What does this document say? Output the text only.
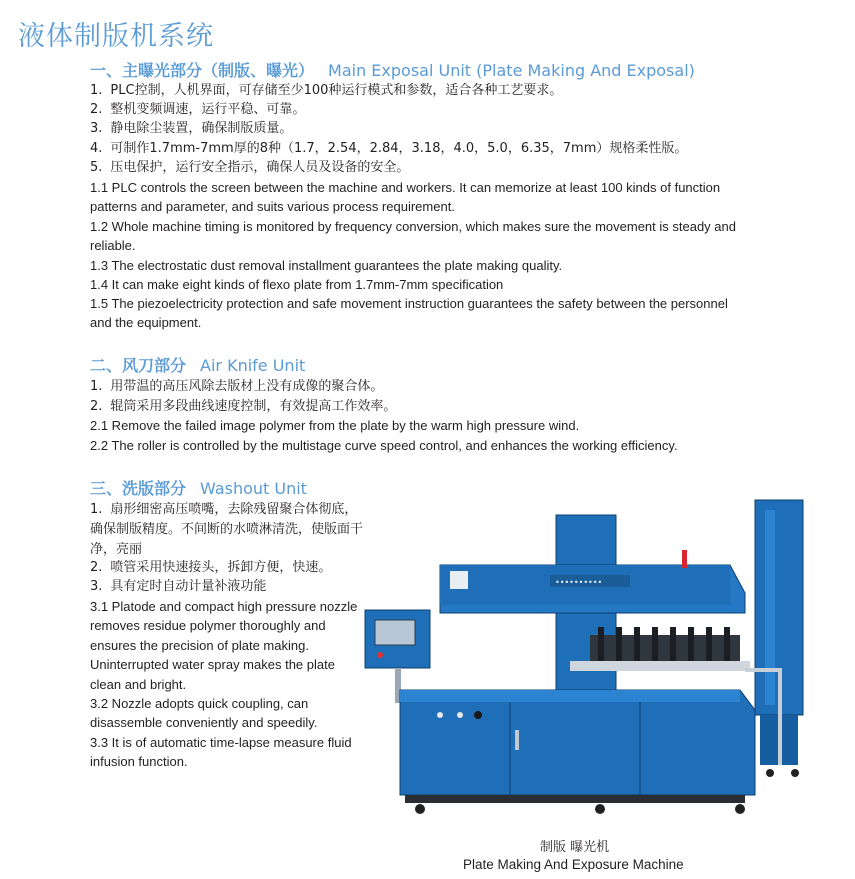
液体制版机系统
一、主曝光部分（制版、曝光） Main Exposal Unit (Plate Making And Exposal)
1. PLC控制，人机界面，可存储至少100种运行模式和参数，适合各种工艺要求。
2. 整机变频调速，运行平稳、可靠。
3. 静电除尘装置，确保制版质量。
4. 可制作1.7mm-7mm厚的8种（1.7，2.54，2.84，3.18，4.0，5.0，6.35，7mm）规格柔性版。
5. 压电保护，运行安全指示，确保人员及设备的安全。
1.1 PLC controls the screen between the machine and workers. It can memorize at least 100 kinds of function patterns and parameter, and suits various process requirement.
1.2 Whole machine timing is monitored by frequency conversion, which makes sure the movement is steady and reliable.
1.3 The electrostatic dust removal installment guarantees the plate making quality.
1.4 It can make eight kinds of flexo plate from 1.7mm-7mm specification
1.5 The piezoelectricity protection and safe movement instruction guarantees the safety between the personnel and the equipment.
二、风刀部分 Air Knife Unit
1. 用带温的高压风除去版材上没有成像的聚合体。
2. 辊筒采用多段曲线速度控制，有效提高工作效率。
2.1 Remove the failed image polymer from the plate by the warm high pressure wind.
2.2 The roller is controlled by the multistage curve speed control, and enhances the working efficiency.
三、洗版部分 Washout Unit
1. 扇形细密高压喷嘴，去除残留聚合体彻底，确保制版精度。不间断的水喷淋清洗，使版面干净，亮丽
2. 喷管采用快速接头，拆卸方便，快速。
3. 具有定时自动计量补液功能
3.1 Platode and compact high pressure nozzle removes residue polymer thoroughly and ensures the precision of plate making. Uninterrupted water spray makes the plate clean and bright.
3.2 Nozzle adopts quick coupling, can disassemble conveniently and speedily.
3.3 It is of automatic time-lapse measure fluid infusion function.
••••••••••
制版 曝光机
Plate Making And Exposure Machine
